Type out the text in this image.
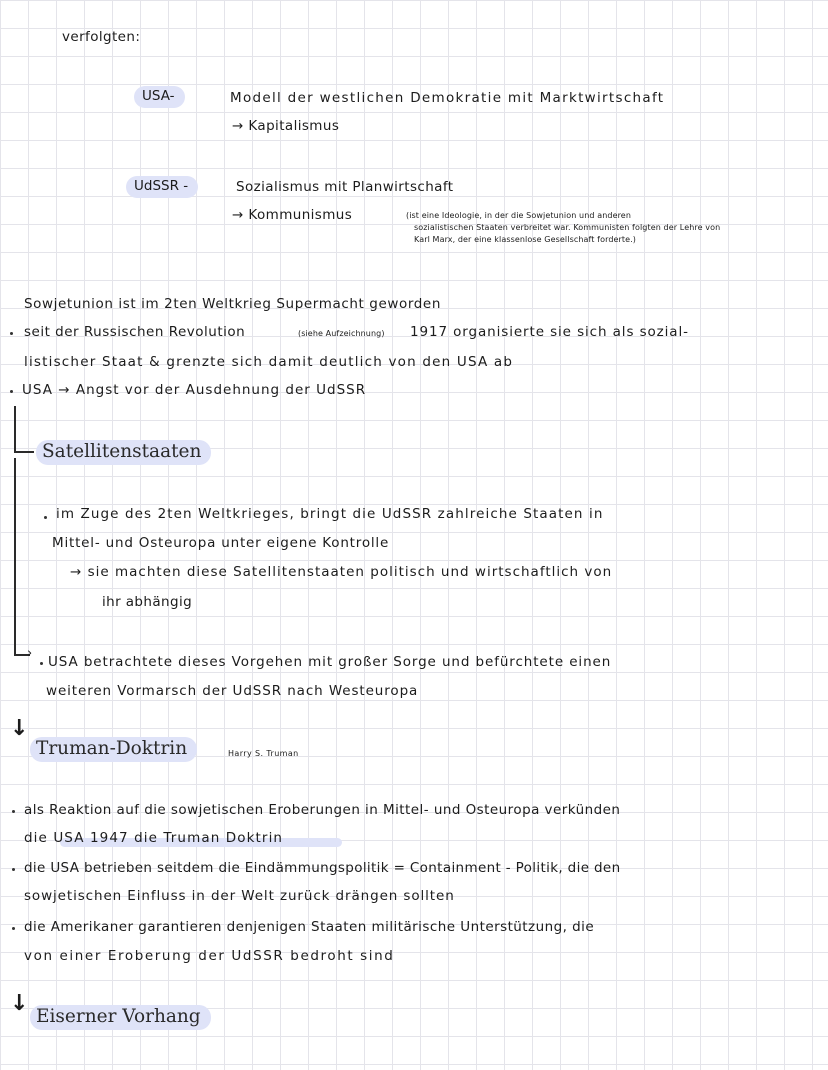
verfolgten:
USA-	Modell der westlichen Demokratie mit Marktwirtschaft
→ Kapitalismus
UdSSR -	Sozialismus mit Planwirtschaft
→ Kommunismus	(ist eine Ideologie, in der die Sowjetunion und anderen
sozialistischen Staaten verbreitet war. Kommunisten folgten der Lehre von
Karl Marx, der eine klassenlose Gesellschaft forderte.)
Sowjetunion ist im 2ten Weltkrieg Supermacht geworden
seit der Russischen Revolution	(siehe Aufzeichnung) 1917 organisierte sie sich als sozial-
listischer Staat & grenzte sich damit deutlich von den USA ab
USA → Angst vor der Ausdehnung der UdSSR
›
Satellitenstaaten
im Zuge des 2ten Weltkrieges, bringt die UdSSR zahlreiche Staaten in
Mittel- und Osteuropa unter eigene Kontrolle
→ sie machten diese Satellitenstaaten politisch und wirtschaftlich von
ihr abhängig
USA betrachtete dieses Vorgehen mit großer Sorge und befürchtete einen
weiteren Vormarsch der UdSSR nach Westeuropa
↓
Truman-Doktrin	Harry S. Truman
als Reaktion auf die sowjetischen Eroberungen in Mittel- und Osteuropa verkünden
die USA 1947 die Truman Doktrin
die USA betrieben seitdem die Eindämmungspolitik = Containment - Politik, die den
sowjetischen Einfluss in der Welt zurück drängen sollten
die Amerikaner garantieren denjenigen Staaten militärische Unterstützung, die
von einer Eroberung der UdSSR bedroht sind
↓
Eiserner Vorhang
